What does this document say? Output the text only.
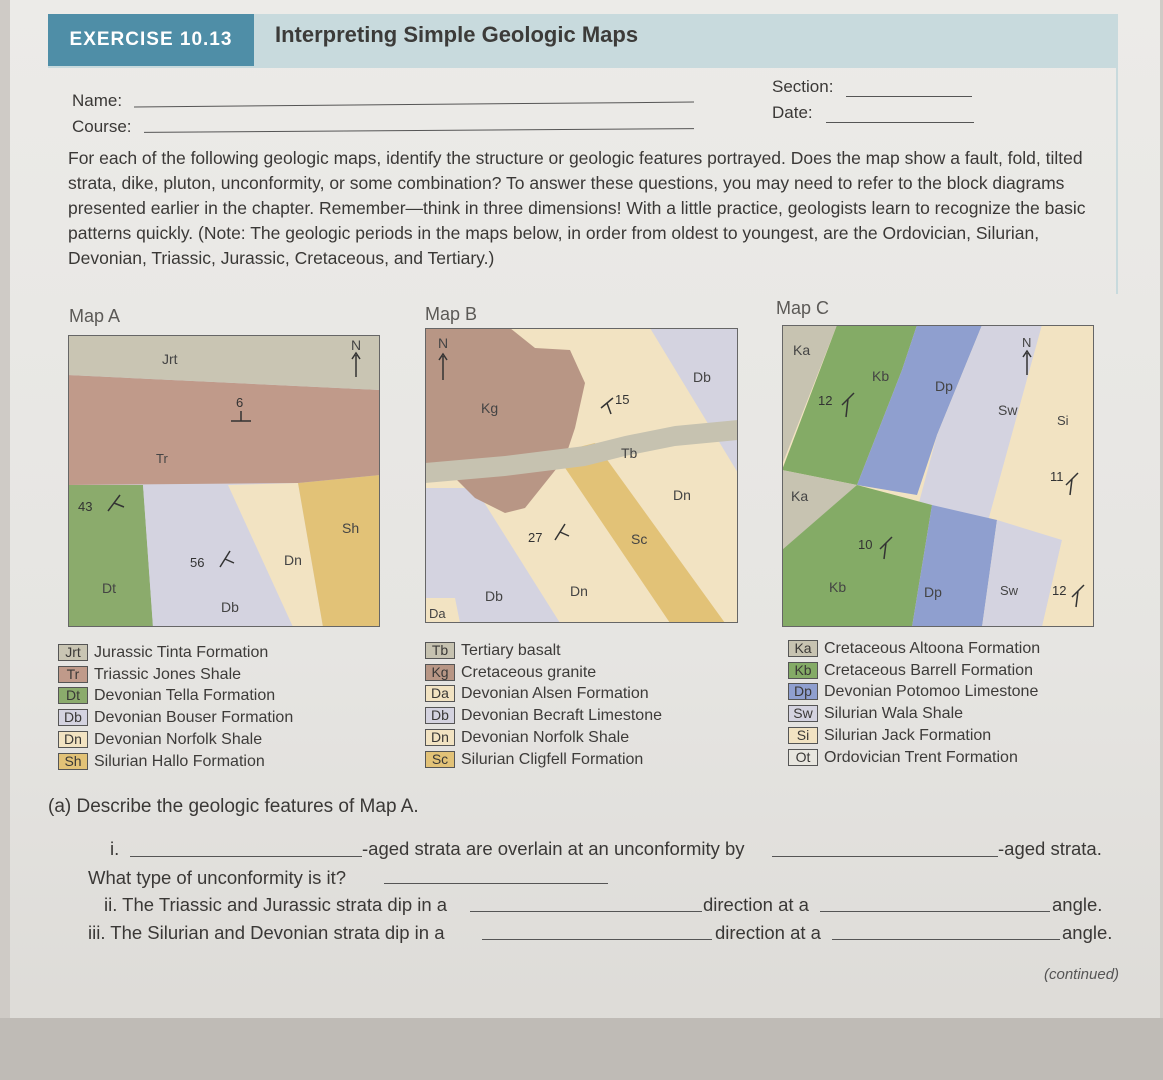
EXERCISE 10.13	Interpreting Simple Geologic Maps
Name:
Course:
Section:
Date:
For each of the following geologic maps, identify the structure or geologic features portrayed. Does the map show a fault, fold, tilted strata, dike, pluton, unconformity, or some combination? To answer these questions, you may need to refer to the block diagrams presented earlier in the chapter. Remember—think in three dimensions! With a little practice, geologists learn to recognize the basic patterns quickly. (Note: The geologic periods in the maps below, in order from oldest to youngest, are the Ordovician, Silurian, Devonian, Triassic, Jurassic, Cretaceous, and Tertiary.)
Map A
N
Jrt
6
Tr
43
Sh
56	Dn
Dt
Db
Map B
N
Kg
Db
15
Tb
Dn
27	Sc
Db	Dn
Da
Map C
N
Ka
Kb
Dp
12
Sw
Si
11
Ka
10
Kb	Dp	Sw	12
Jrt Jurassic Tinta Formation
Tr Triassic Jones Shale
Dt Devonian Tella Formation
Db Devonian Bouser Formation
Dn Devonian Norfolk Shale
Sh Silurian Hallo Formation
Tb Tertiary basalt
Kg Cretaceous granite
Da Devonian Alsen Formation
Db Devonian Becraft Limestone
Dn Devonian Norfolk Shale
Sc Silurian Cligfell Formation
Ka Cretaceous Altoona Formation
Kb Cretaceous Barrell Formation
Dp Devonian Potomoo Limestone
Sw Silurian Wala Shale
Si Silurian Jack Formation
Ot Ordovician Trent Formation
(a) Describe the geologic features of Map A.
i.	-aged strata are overlain at an unconformity by	-aged strata.
What type of unconformity is it?
ii. The Triassic and Jurassic strata dip in a	direction at a	angle.
iii. The Silurian and Devonian strata dip in a	direction at a	angle.
(continued)
